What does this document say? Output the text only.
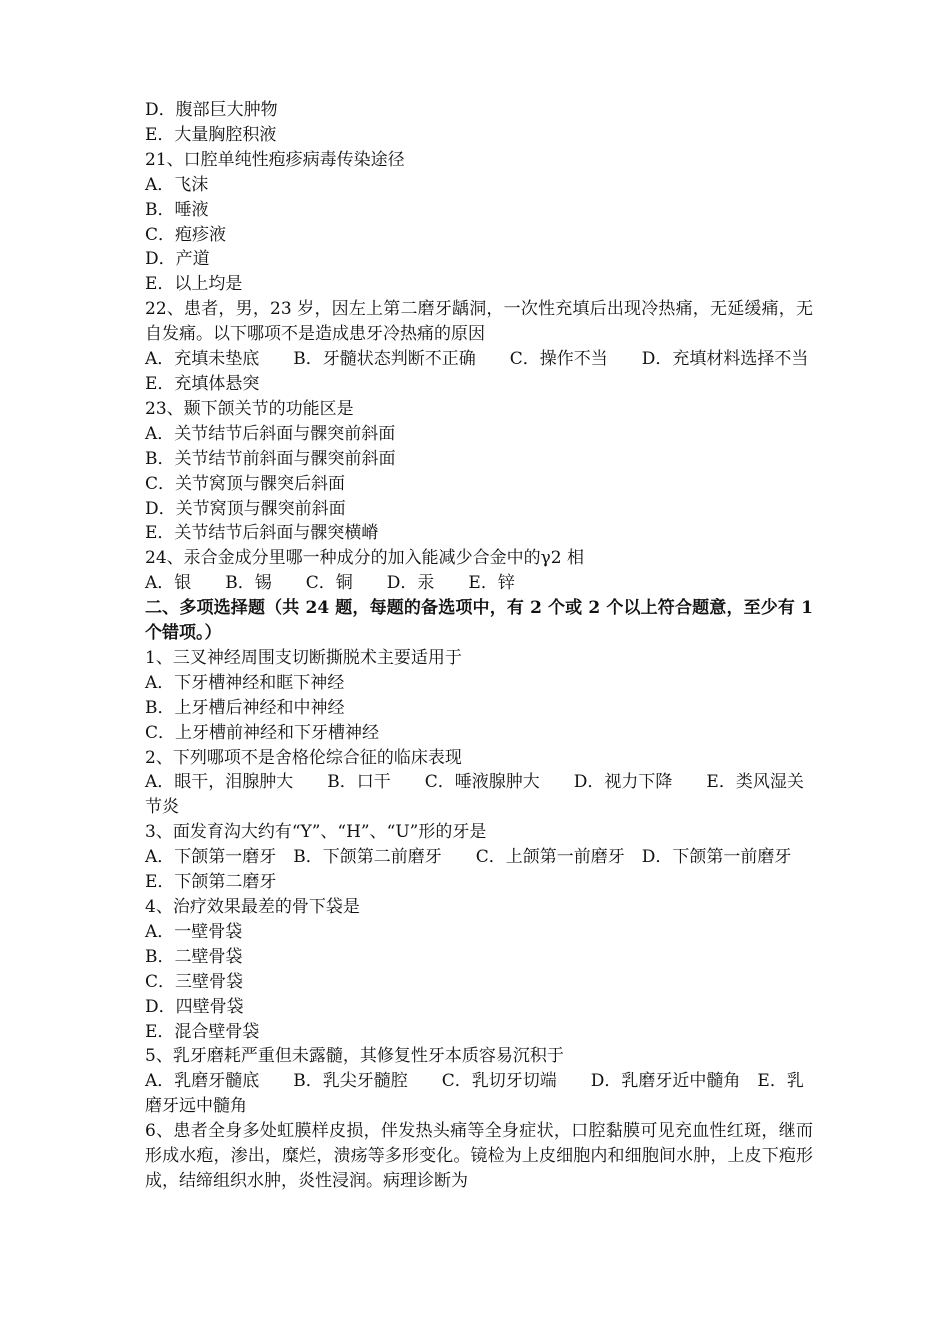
D．腹部巨大肿物
E．大量胸腔积液
21、口腔单纯性疱疹病毒传染途径
A．飞沫
B．唾液
C．疱疹液
D．产道
E．以上均是
22、患者，男，23 岁，因左上第二磨牙龋洞，一次性充填后出现冷热痛，无延缓痛，无自发痛。以下哪项不是造成患牙冷热痛的原因
A．充填未垫底　　B．牙髓状态判断不正确　　C．操作不当　　D．充填材料选择不当　　E．充填体悬突
23、颞下颌关节的功能区是
A．关节结节后斜面与髁突前斜面
B．关节结节前斜面与髁突前斜面
C．关节窝顶与髁突后斜面
D．关节窝顶与髁突前斜面
E．关节结节后斜面与髁突横嵴
24、汞合金成分里哪一种成分的加入能减少合金中的γ2 相
A．银　　B．锡　　C．铜　　D．汞　　E．锌
二、多项选择题（共 24 题，每题的备选项中，有 2 个或 2 个以上符合题意，至少有 1 个错项。）
1、三叉神经周围支切断撕脱术主要适用于
A．下牙槽神经和眶下神经
B．上牙槽后神经和中神经
C．上牙槽前神经和下牙槽神经
2、下列哪项不是舍格伦综合征的临床表现
A．眼干，泪腺肿大　　B．口干　　C．唾液腺肿大　　D．视力下降　　E．类风湿关节炎
3、面发育沟大约有“Y”、“H”、“U”形的牙是
A．下颌第一磨牙　B．下颌第二前磨牙　　C．上颌第一前磨牙　D．下颌第一前磨牙　　E．下颌第二磨牙
4、治疗效果最差的骨下袋是
A．一壁骨袋
B．二壁骨袋
C．三壁骨袋
D．四壁骨袋
E．混合壁骨袋
5、乳牙磨耗严重但未露髓，其修复性牙本质容易沉积于
A．乳磨牙髓底　　B．乳尖牙髓腔　　C．乳切牙切端　　D．乳磨牙近中髓角　E．乳磨牙远中髓角
6、患者全身多处虹膜样皮损，伴发热头痛等全身症状，口腔黏膜可见充血性红斑，继而形成水疱，渗出，糜烂，溃疡等多形变化。镜检为上皮细胞内和细胞间水肿，上皮下疱形成，结缔组织水肿，炎性浸润。病理诊断为
